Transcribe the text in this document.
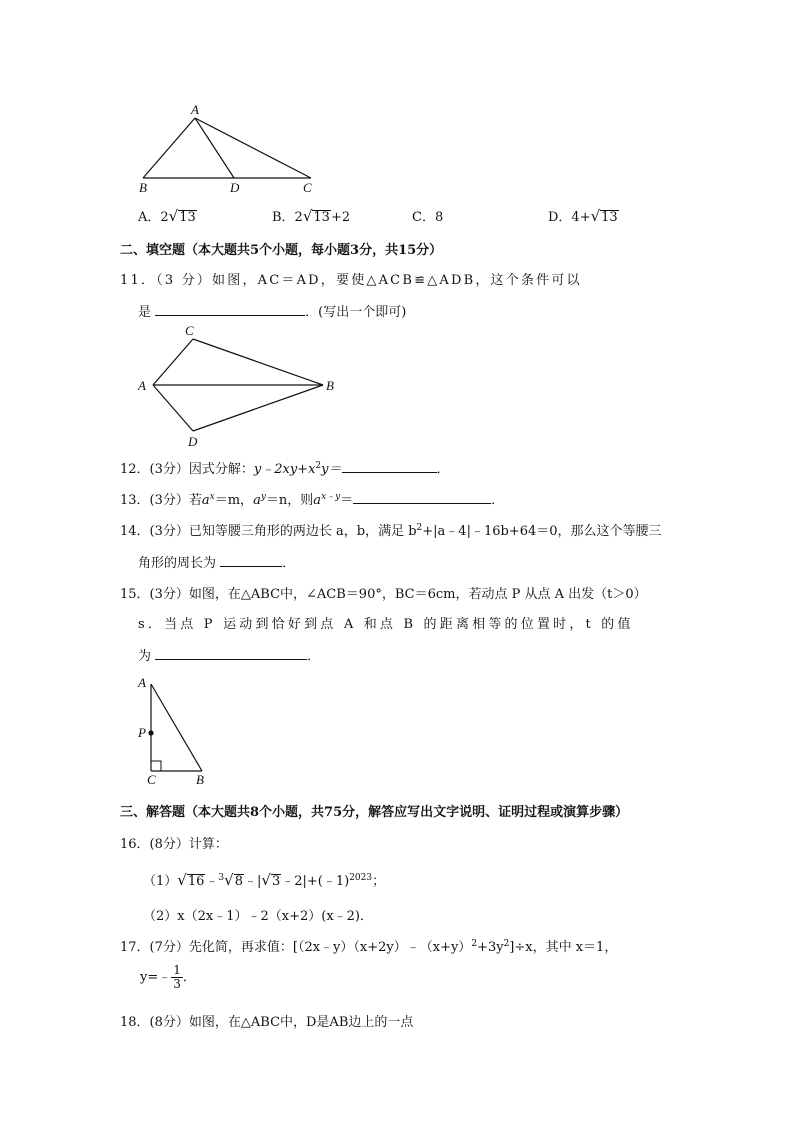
A
B	D	C
A．2√13	B．2√13+2	C．8	D．4+√13
二、填空题（本大题共5个小题，每小题3分，共15分）
11．（3 分）如图，AC＝AD，要使△ACB≌△ADB，这个条件可以
是	．(写出一个即可)
C
A	B
D
12．(3分）因式分解：$y﹣2xy+x^2y=$	．
13．(3分）若$a^x=m$，$a^y=n$，则$a^{x﹣y}=$	．
14．(3分）已知等腰三角形的两边长 a，b，满足 $b^2+|a﹣4|﹣16b+64=0$，那么这个等腰三
角形的周长为	．
15．(3分）如图，在△ABC中，∠ACB＝90°，BC＝6cm，若动点 P 从点 A 出发（t＞0）
s．当点 P 运动到恰好到点 A 和点 B 的距离相等的位置时，t 的值
为	．
A
P
C	B
三、解答题（本大题共8个小题，共75分，解答应写出文字说明、证明过程或演算步骤）
16．(8分）计算：
（1）√16﹣$^3$√8﹣|√3﹣2|+(﹣1)$^{2023}$；
（2）x（2x﹣1）﹣2（x+2）(x﹣2)．
17．(7分）先化简，再求值：$[(2x﹣y)(x+2y)﹣(x+y)^2+3y^2]\div x$，其中 x＝1，
y=﹣ $\frac{1}{3}$ ．
18．(8分）如图，在△ABC中，D是AB边上的一点
